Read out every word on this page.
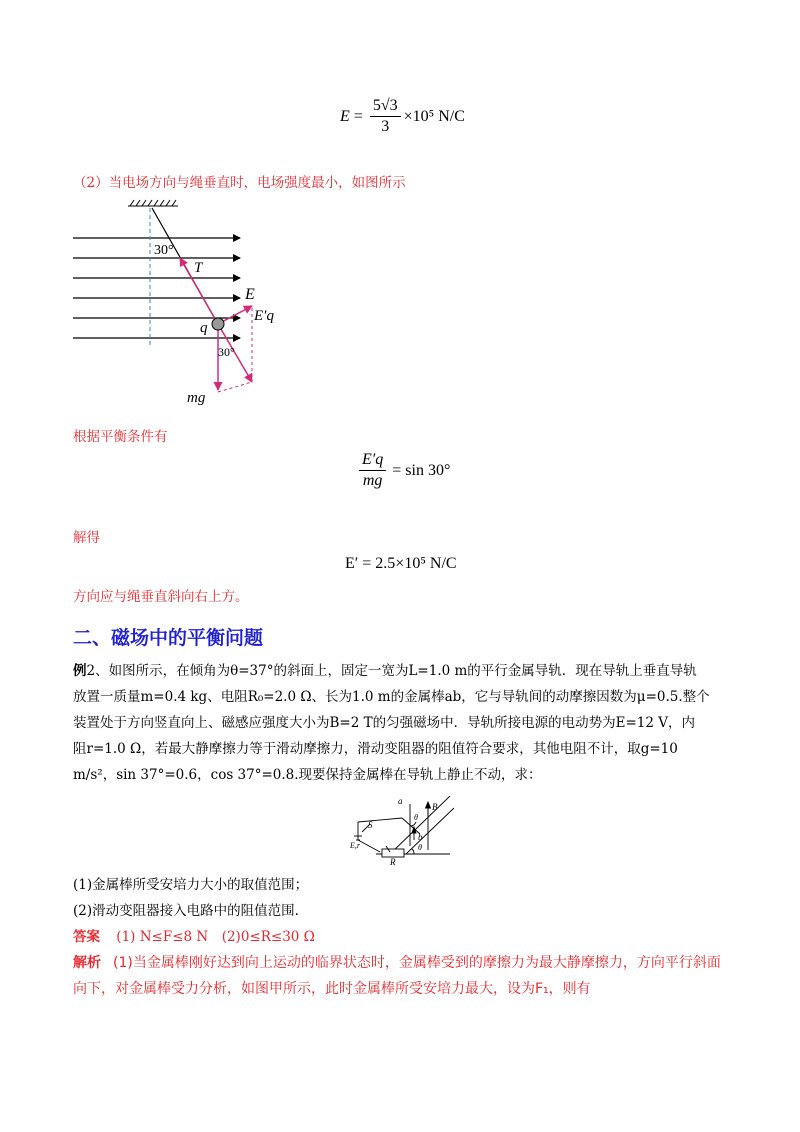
$E = \frac{5√3}{3} \times 10^5$ N/C
（2）当电场方向与绳垂直时，电场强度最小，如图所示
30°
T
E
E′q
q
30°
mg
根据平衡条件有
$\frac{E'q}{mg} = \sin 30^\circ$
解得
E′ = 2.5×10⁵ N/C
方向应与绳垂直斜向右上方。
二、磁场中的平衡问题
例2、如图所示，在倾角为θ=37°的斜面上，固定一宽为L=1.0 m的平行金属导轨．现在导轨上垂直导轨
放置一质量m=0.4 kg、电阻R₀=2.0 Ω、长为1.0 m的金属棒ab，它与导轨间的动摩擦因数为μ=0.5.整个
装置处于方向竖直向上、磁感应强度大小为B=2 T的匀强磁场中．导轨所接电源的电动势为E=12 V，内
阻r=1.0 Ω，若最大静摩擦力等于滑动摩擦力，滑动变阻器的阻值符合要求，其他电阻不计，取g=10
m/s²，sin 37°=0.6，cos 37°=0.8.现要保持金属棒在导轨上静止不动，求：
a
B
θ
b
S
E,r
R
θ
(1)金属棒所受安培力大小的取值范围；
(2)滑动变阻器接入电路中的阻值范围.
答案 (1) N≤F≤8 N　(2)0≤R≤30 Ω
解析 (1)当金属棒刚好达到向上运动的临界状态时，金属棒受到的摩擦力为最大静摩擦力，方向平行斜面
向下，对金属棒受力分析，如图甲所示，此时金属棒所受安培力最大，设为F₁，则有
